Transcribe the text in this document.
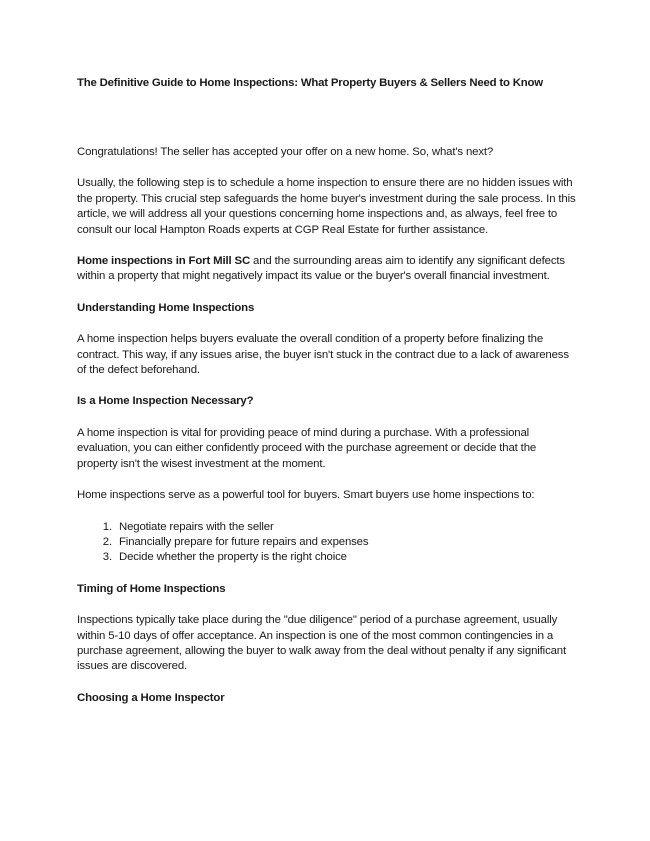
The Definitive Guide to Home Inspections: What Property Buyers & Sellers Need to Know

Congratulations! The seller has accepted your offer on a new home. So, what's next?

Usually, the following step is to schedule a home inspection to ensure there are no hidden issues with the property. This crucial step safeguards the home buyer's investment during the sale process. In this article, we will address all your questions concerning home inspections and, as always, feel free to consult our local Hampton Roads experts at CGP Real Estate for further assistance.

Home inspections in Fort Mill SC and the surrounding areas aim to identify any significant defects within a property that might negatively impact its value or the buyer's overall financial investment.

Understanding Home Inspections

A home inspection helps buyers evaluate the overall condition of a property before finalizing the contract. This way, if any issues arise, the buyer isn't stuck in the contract due to a lack of awareness of the defect beforehand.

Is a Home Inspection Necessary?

A home inspection is vital for providing peace of mind during a purchase. With a professional evaluation, you can either confidently proceed with the purchase agreement or decide that the property isn't the wisest investment at the moment.

Home inspections serve as a powerful tool for buyers. Smart buyers use home inspections to:

1. Negotiate repairs with the seller
2. Financially prepare for future repairs and expenses
3. Decide whether the property is the right choice
Timing of Home Inspections

Inspections typically take place during the "due diligence" period of a purchase agreement, usually within 5-10 days of offer acceptance. An inspection is one of the most common contingencies in a purchase agreement, allowing the buyer to walk away from the deal without penalty if any significant issues are discovered.

Choosing a Home Inspector
